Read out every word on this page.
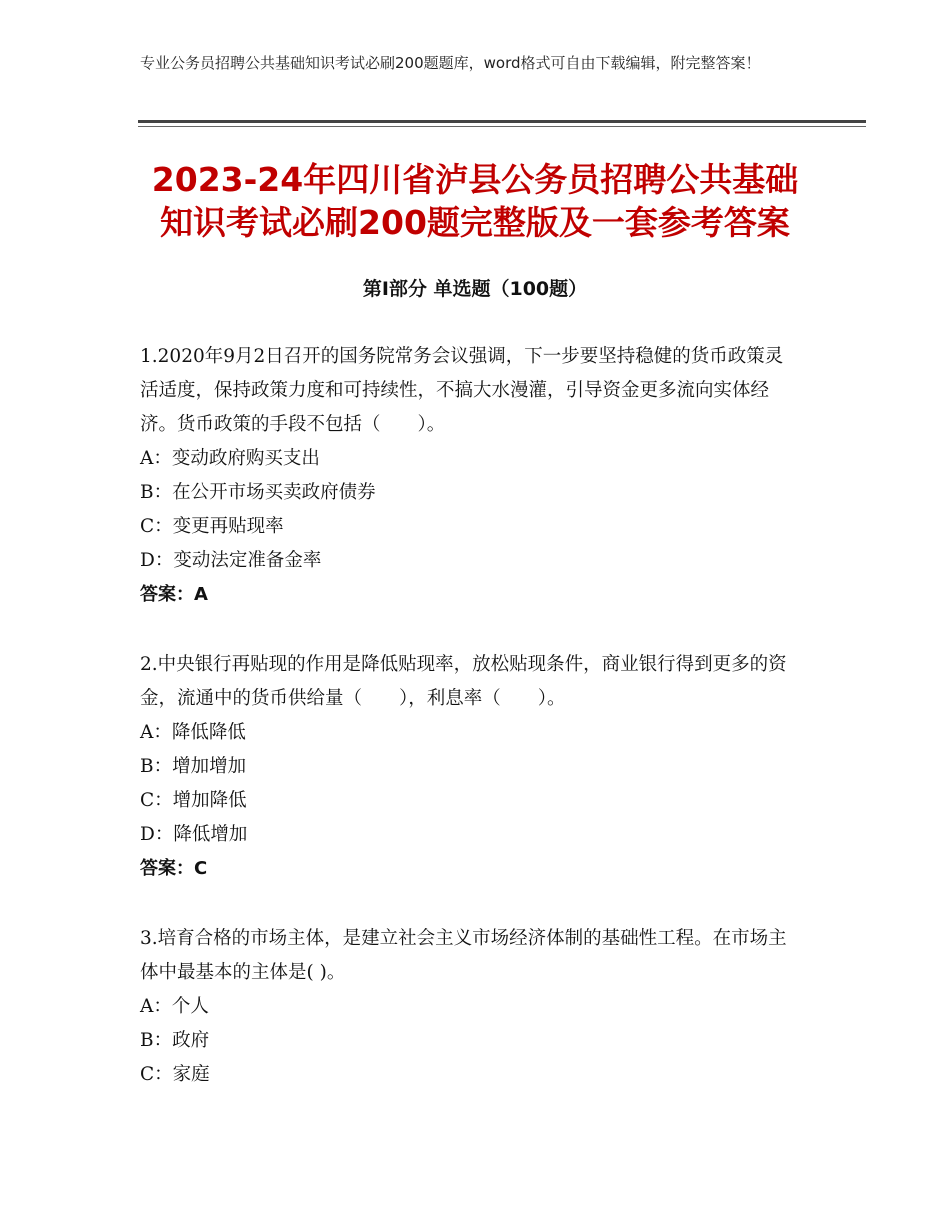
专业公务员招聘公共基础知识考试必刷200题题库，word格式可自由下载编辑，附完整答案！
2023-24年四川省泸县公务员招聘公共基础
知识考试必刷200题完整版及一套参考答案
第Ⅰ部分 单选题（100题）

1.2020年9月2日召开的国务院常务会议强调，下一步要坚持稳健的货币政策灵活适度，保持政策力度和可持续性，不搞大水漫灌，引导资金更多流向实体经济。货币政策的手段不包括（　　）。

A：变动政府购买支出

B：在公开市场买卖政府债券

C：变更再贴现率

D：变动法定准备金率

答案：A

2.中央银行再贴现的作用是降低贴现率，放松贴现条件，商业银行得到更多的资金，流通中的货币供给量（　　），利息率（　　）。

A：降低降低

B：增加增加

C：增加降低

D：降低增加

答案：C

3.培育合格的市场主体，是建立社会主义市场经济体制的基础性工程。在市场主体中最基本的主体是( )。

A：个人

B：政府

C：家庭
